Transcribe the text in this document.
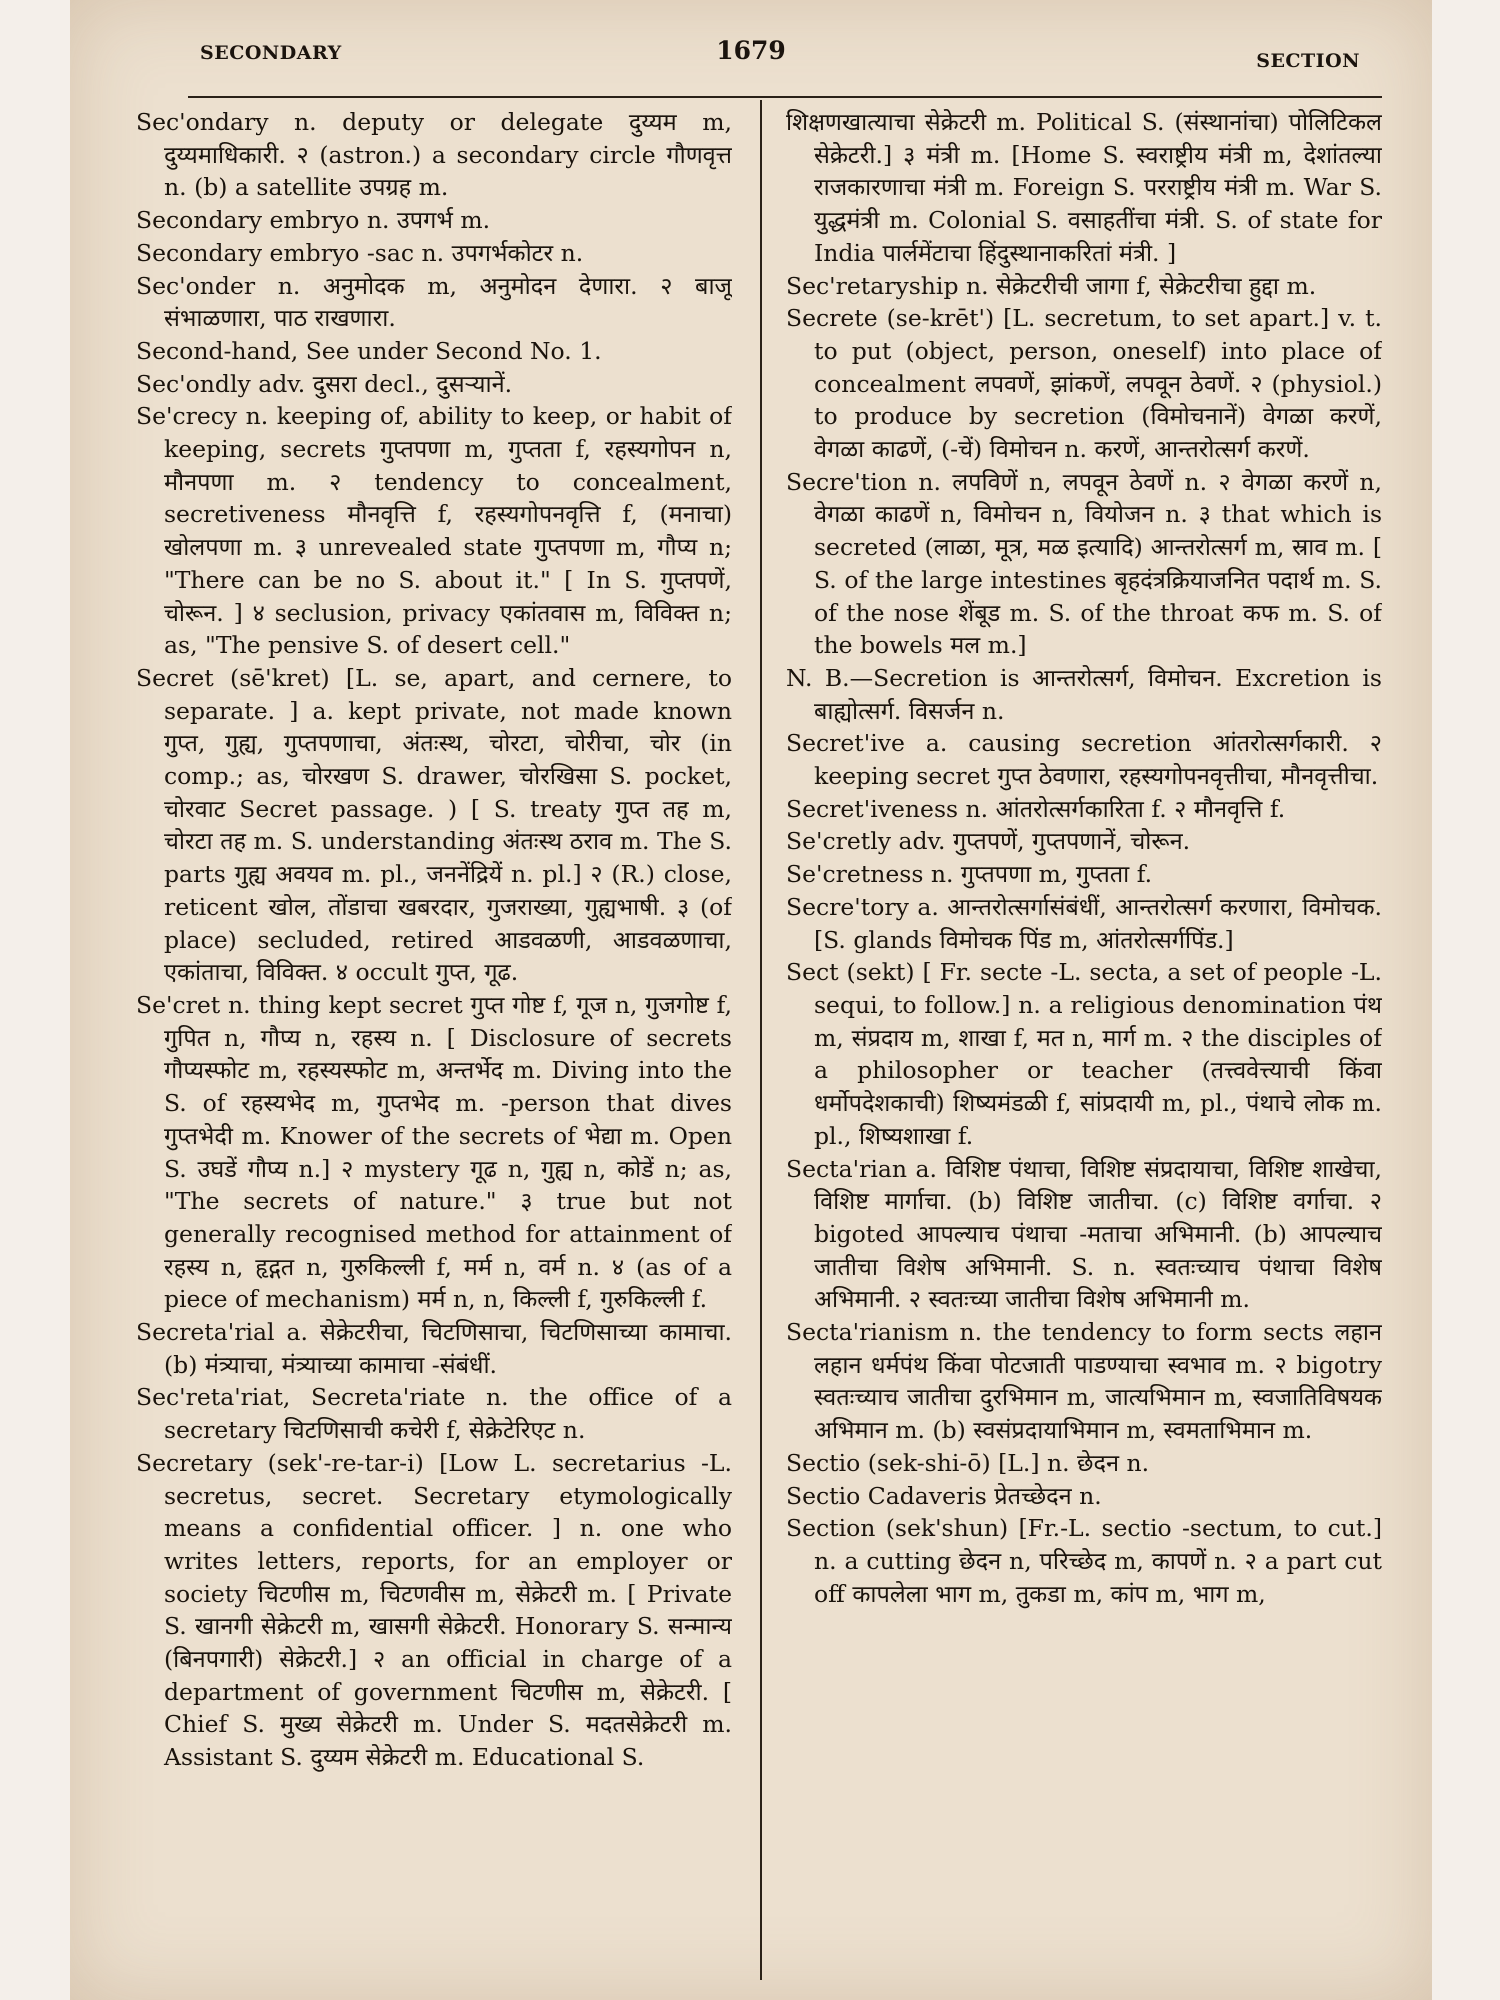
SECONDARY	1679	SECTION

Sec'ondary n. deputy or delegate दुय्यम m, दुय्यमाधिकारी. २ (astron.) a secondary circle गौणवृत्त n. (b) a satellite उपग्रह m.

Secondary embryo n. उपगर्भ m.

Secondary embryo -sac n. उपगर्भकोटर n.

Sec'onder n. अनुमोदक m, अनुमोदन देणारा. २ बाजू संभाळणारा, पाठ राखणारा.

Second-hand, See under Second No. 1.

Sec'ondly adv. दुसरा decl., दुसऱ्यानें.

Se'crecy n. keeping of, ability to keep, or habit of keeping, secrets गुप्तपणा m, गुप्तता f, रहस्यगोपन n, मौनपणा m. २ tendency to concealment, secretiveness मौनवृत्ति f, रहस्यगोपनवृत्ति f, (मनाचा) खोलपणा m. ३ unrevealed state गुप्तपणा m, गौप्य n; "There can be no S. about it." [ In S. गुप्तपणें, चोरून. ] ४ seclusion, privacy एकांतवास m, विविक्त n; as, "The pensive S. of desert cell."

Secret (sē'kret) [L. se, apart, and cernere, to separate. ] a. kept private, not made known गुप्त, गुह्य, गुप्तपणाचा, अंतःस्थ, चोरटा, चोरीचा, चोर (in comp.; as, चोरखण S. drawer, चोरखिसा S. pocket, चोरवाट Secret passage. ) [ S. treaty गुप्त तह m, चोरटा तह m. S. understanding अंतःस्थ ठराव m. The S. parts गुह्य अवयव m. pl., जननेंद्रियें n. pl.] २ (R.) close, reticent खोल, तोंडाचा खबरदार, गुजराख्या, गुह्यभाषी. ३ (of place) secluded, retired आडवळणी, आडवळणाचा, एकांताचा, विविक्त. ४ occult गुप्त, गूढ.

Se'cret n. thing kept secret गुप्त गोष्ट f, गूज n, गुजगोष्ट f, गुपित n, गौप्य n, रहस्य n. [ Disclosure of secrets गौप्यस्फोट m, रहस्यस्फोट m, अन्तर्भेद m. Diving into the S. of रहस्यभेद m, गुप्तभेद m. -person that dives गुप्तभेदी m. Knower of the secrets of भेद्या m. Open S. उघडें गौप्य n.] २ mystery गूढ n, गुह्य n, कोडें n; as, "The secrets of nature." ३ true but not generally recognised method for attainment of रहस्य n, हृद्गत n, गुरुकिल्ली f, मर्म n, वर्म n. ४ (as of a piece of mechanism) मर्म n, n, किल्ली f, गुरुकिल्ली f.

Secreta'rial a. सेक्रेटरीचा, चिटणिसाचा, चिटणिसाच्या कामाचा. (b) मंत्र्याचा, मंत्र्याच्या कामाचा -संबंधीं.

Sec'reta'riat, Secreta'riate n. the office of a secretary चिटणिसाची कचेरी f, सेक्रेटेरिएट n.

Secretary (sek'-re-tar-i) [Low L. secretarius -L. secretus, secret. Secretary etymologically means a confidential officer. ] n. one who writes letters, reports, for an employer or society चिटणीस m, चिटणवीस m, सेक्रेटरी m. [ Private S. खानगी सेक्रेटरी m, खासगी सेक्रेटरी. Honorary S. सन्मान्य (बिनपगारी) सेक्रेटरी.] २ an official in charge of a department of government चिटणीस m, सेक्रेटरी. [ Chief S. मुख्य सेक्रेटरी m. Under S. मदतसेक्रेटरी m. Assistant S. दुय्यम सेक्रेटरी m. Educational S.

शिक्षणखात्याचा सेक्रेटरी m. Political S. (संस्थानांचा) पोलिटिकल सेक्रेटरी.] ३ मंत्री m. [Home S. स्वराष्ट्रीय मंत्री m, देशांतल्या राजकारणाचा मंत्री m. Foreign S. परराष्ट्रीय मंत्री m. War S. युद्धमंत्री m. Colonial S. वसाहतींचा मंत्री. S. of state for India पार्लमेंटाचा हिंदुस्थानाकरितां मंत्री. ]

Sec'retaryship n. सेक्रेटरीची जागा f, सेक्रेटरीचा हुद्दा m.

Secrete (se-krēt') [L. secretum, to set apart.] v. t. to put (object, person, oneself) into place of concealment लपवणें, झांकणें, लपवून ठेवणें. २ (physiol.) to produce by secretion (विमोचनानें) वेगळा करणें, वेगळा काढणें, (-चें) विमोचन n. करणें, आन्तरोत्सर्ग करणें.

Secre'tion n. लपविणें n, लपवून ठेवणें n. २ वेगळा करणें n, वेगळा काढणें n, विमोचन n, वियोजन n. ३ that which is secreted (लाळा, मूत्र, मळ इत्यादि) आन्तरोत्सर्ग m, स्राव m. [ S. of the large intestines बृहदंत्रक्रियाजनित पदार्थ m. S. of the nose शेंबूड m. S. of the throat कफ m. S. of the bowels मल m.]

N. B.—Secretion is आन्तरोत्सर्ग, विमोचन. Excretion is बाह्योत्सर्ग. विसर्जन n.

Secret'ive a. causing secretion आंतरोत्सर्गकारी. २ keeping secret गुप्त ठेवणारा, रहस्यगोपनवृत्तीचा, मौनवृत्तीचा.

Secret'iveness n. आंतरोत्सर्गकारिता f. २ मौनवृत्ति f.

Se'cretly adv. गुप्तपणें, गुप्तपणानें, चोरून.

Se'cretness n. गुप्तपणा m, गुप्तता f.

Secre'tory a. आन्तरोत्सर्गासंबंधीं, आन्तरोत्सर्ग करणारा, विमोचक. [S. glands विमोचक पिंड m, आंतरोत्सर्गपिंड.]

Sect (sekt) [ Fr. secte -L. secta, a set of people -L. sequi, to follow.] n. a religious denomination पंथ m, संप्रदाय m, शाखा f, मत n, मार्ग m. २ the disciples of a philosopher or teacher (तत्त्ववेत्त्याची किंवा धर्मोपदेशकाची) शिष्यमंडळी f, सांप्रदायी m, pl., पंथाचे लोक m. pl., शिष्यशाखा f.

Secta'rian a. विशिष्ट पंथाचा, विशिष्ट संप्रदायाचा, विशिष्ट शाखेचा, विशिष्ट मार्गाचा. (b) विशिष्ट जातीचा. (c) विशिष्ट वर्गाचा. २ bigoted आपल्याच पंथाचा -मताचा अभिमानी. (b) आपल्याच जातीचा विशेष अभिमानी. S. n. स्वतःच्याच पंथाचा विशेष अभिमानी. २ स्वतःच्या जातीचा विशेष अभिमानी m.

Secta'rianism n. the tendency to form sects लहान लहान धर्मपंथ किंवा पोटजाती पाडण्याचा स्वभाव m. २ bigotry स्वतःच्याच जातीचा दुरभिमान m, जात्यभिमान m, स्वजातिविषयक अभिमान m. (b) स्वसंप्रदायाभिमान m, स्वमताभिमान m.

Sectio (sek-shi-ō) [L.] n. छेदन n.

Sectio Cadaveris प्रेतच्छेदन n.

Section (sek'shun) [Fr.-L. sectio -sectum, to cut.] n. a cutting छेदन n, परिच्छेद m, कापणें n. २ a part cut off कापलेला भाग m, तुकडा m, कांप m, भाग m,
